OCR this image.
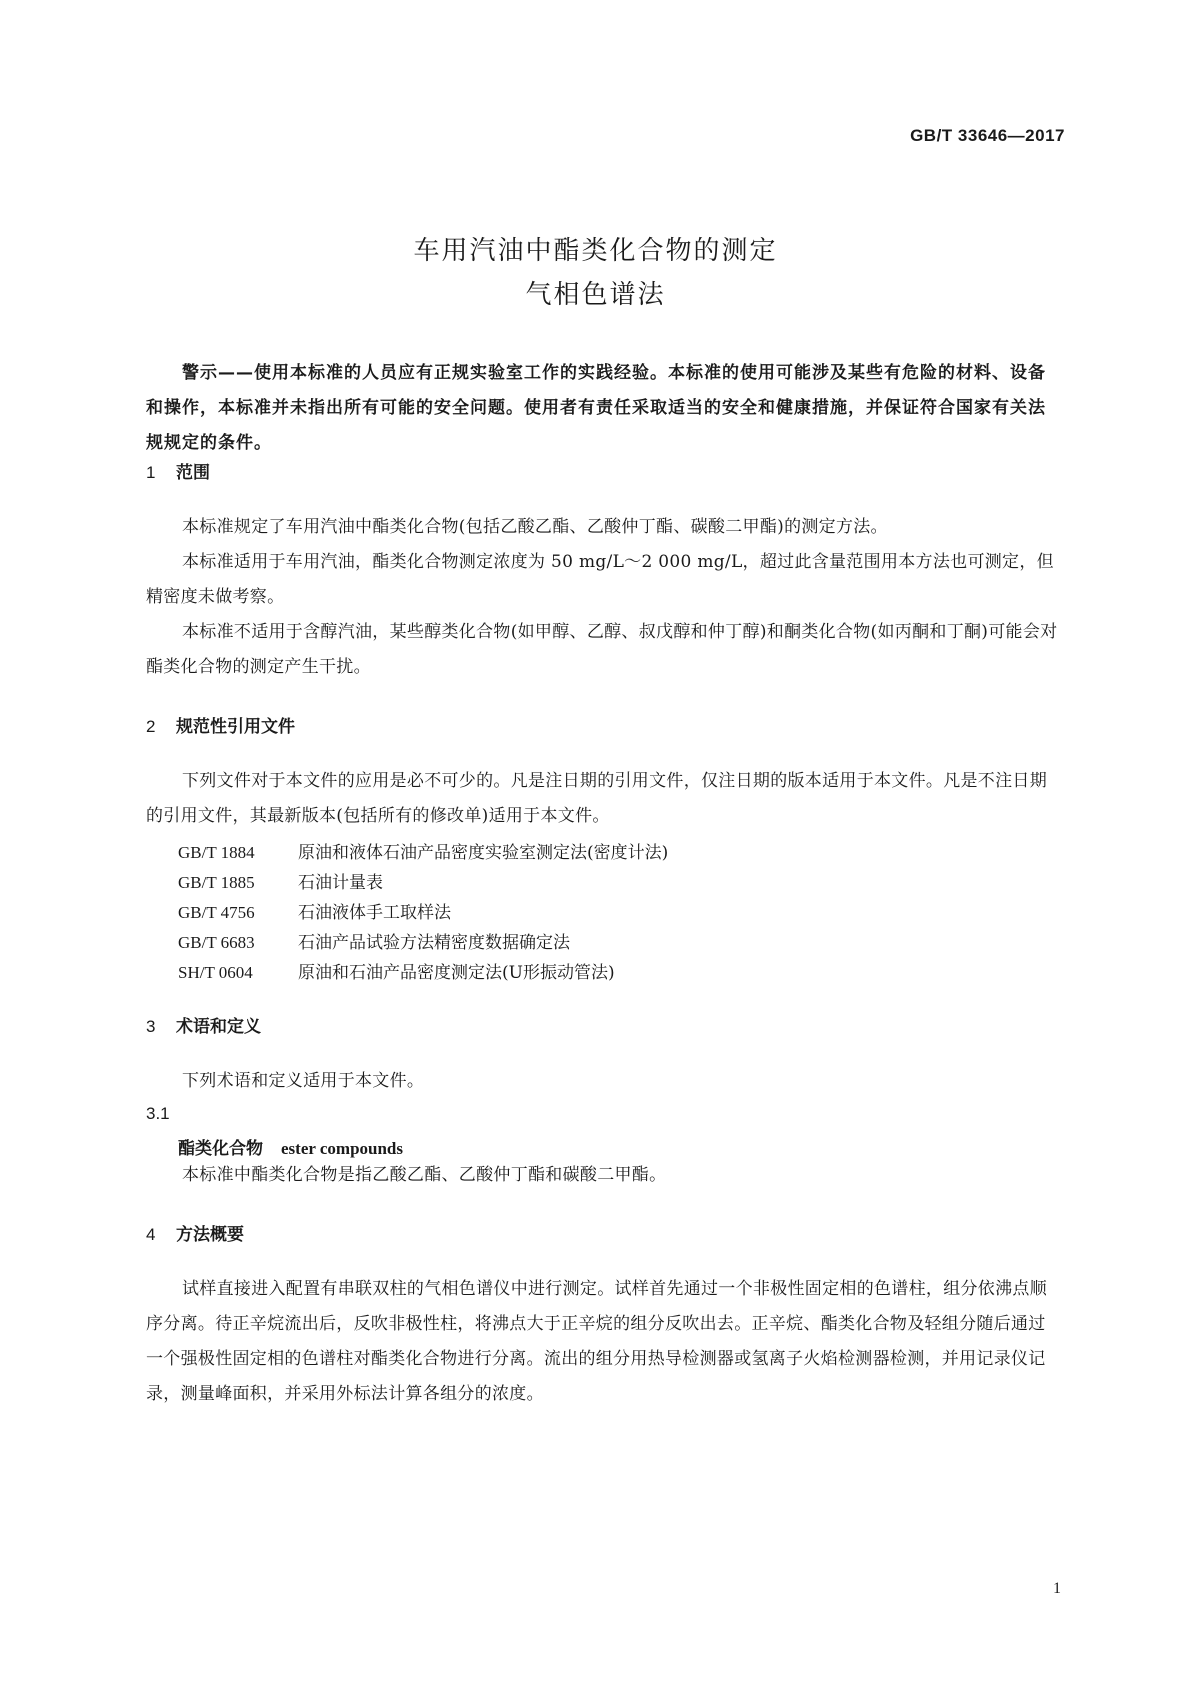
GB/T 33646—2017
车用汽油中酯类化合物的测定
气相色谱法
警示——使用本标准的人员应有正规实验室工作的实践经验。本标准的使用可能涉及某些有危险的材料、设备和操作，本标准并未指出所有可能的安全问题。使用者有责任采取适当的安全和健康措施，并保证符合国家有关法规规定的条件。
1 范围
本标准规定了车用汽油中酯类化合物(包括乙酸乙酯、乙酸仲丁酯、碳酸二甲酯)的测定方法。
本标准适用于车用汽油，酯类化合物测定浓度为 50 mg/L～2 000 mg/L，超过此含量范围用本方法也可测定，但精密度未做考察。
本标准不适用于含醇汽油，某些醇类化合物(如甲醇、乙醇、叔戊醇和仲丁醇)和酮类化合物(如丙酮和丁酮)可能会对酯类化合物的测定产生干扰。
2 规范性引用文件
下列文件对于本文件的应用是必不可少的。凡是注日期的引用文件，仅注日期的版本适用于本文件。凡是不注日期的引用文件，其最新版本(包括所有的修改单)适用于本文件。
GB/T 1884	原油和液体石油产品密度实验室测定法(密度计法)
GB/T 1885	石油计量表
GB/T 4756	石油液体手工取样法
GB/T 6683	石油产品试验方法精密度数据确定法
SH/T 0604	原油和石油产品密度测定法(U形振动管法)
3 术语和定义
下列术语和定义适用于本文件。
3.1
酯类化合物 ester compounds
本标准中酯类化合物是指乙酸乙酯、乙酸仲丁酯和碳酸二甲酯。
4 方法概要
试样直接进入配置有串联双柱的气相色谱仪中进行测定。试样首先通过一个非极性固定相的色谱柱，组分依沸点顺序分离。待正辛烷流出后，反吹非极性柱，将沸点大于正辛烷的组分反吹出去。正辛烷、酯类化合物及轻组分随后通过一个强极性固定相的色谱柱对酯类化合物进行分离。流出的组分用热导检测器或氢离子火焰检测器检测，并用记录仪记录，测量峰面积，并采用外标法计算各组分的浓度。
1
